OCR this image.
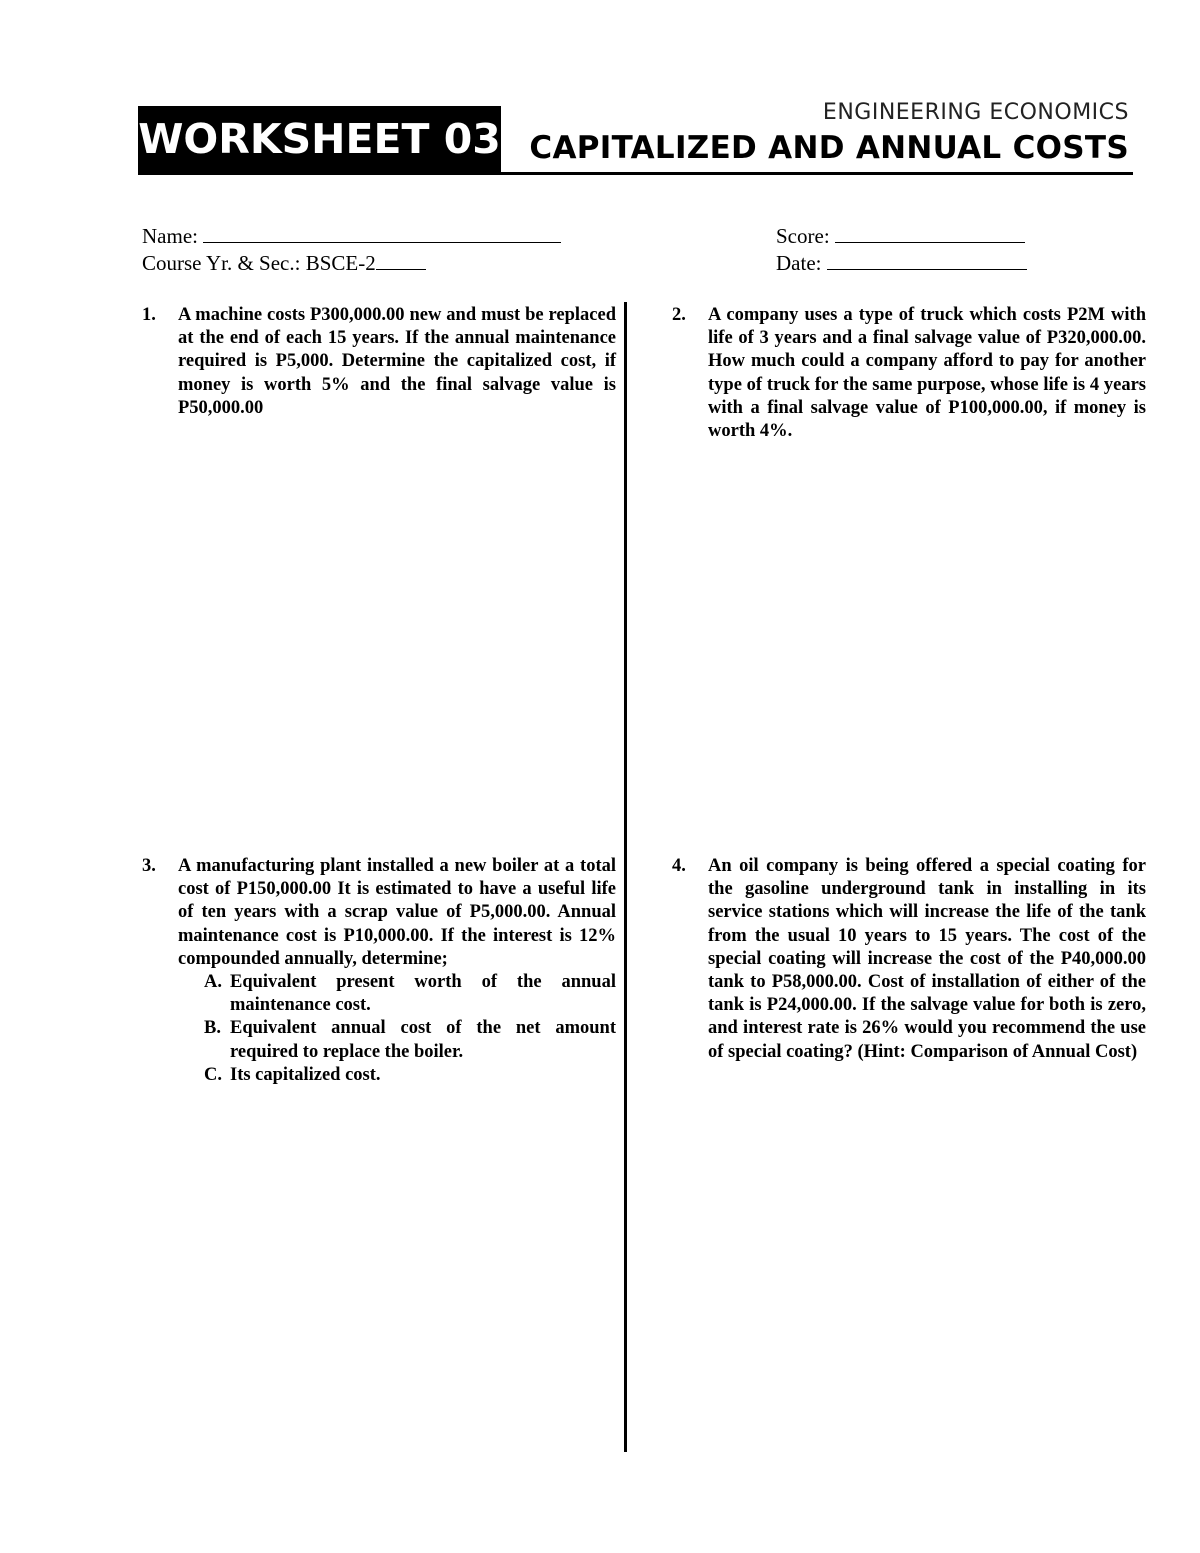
WORKSHEET 03
ENGINEERING ECONOMICS
CAPITALIZED AND ANNUAL COSTS
Name:
Course Yr. & Sec.: BSCE-2
Score:
Date:
1. A machine costs P300,000.00 new and must be replaced at the end of each 15 years. If the annual maintenance required is P5,000. Determine the capitalized cost, if money is worth 5% and the final salvage value is P50,000.00
2. A company uses a type of truck which costs P2M with life of 3 years and a final salvage value of P320,000.00. How much could a company afford to pay for another type of truck for the same purpose, whose life is 4 years with a final salvage value of P100,000.00, if money is worth 4%.
3. A manufacturing plant installed a new boiler at a total cost of P150,000.00 It is estimated to have a useful life of ten years with a scrap value of P5,000.00. Annual maintenance cost is P10,000.00. If the interest is 12% compounded annually, determine;
A. Equivalent present worth of the annual maintenance cost.
B. Equivalent annual cost of the net amount required to replace the boiler.
C. Its capitalized cost.
4. An oil company is being offered a special coating for the gasoline underground tank in installing in its service stations which will increase the life of the tank from the usual 10 years to 15 years. The cost of the special coating will increase the cost of the P40,000.00 tank to P58,000.00. Cost of installation of either of the tank is P24,000.00. If the salvage value for both is zero, and interest rate is 26% would you recommend the use of special coating? (Hint: Comparison of Annual Cost)
